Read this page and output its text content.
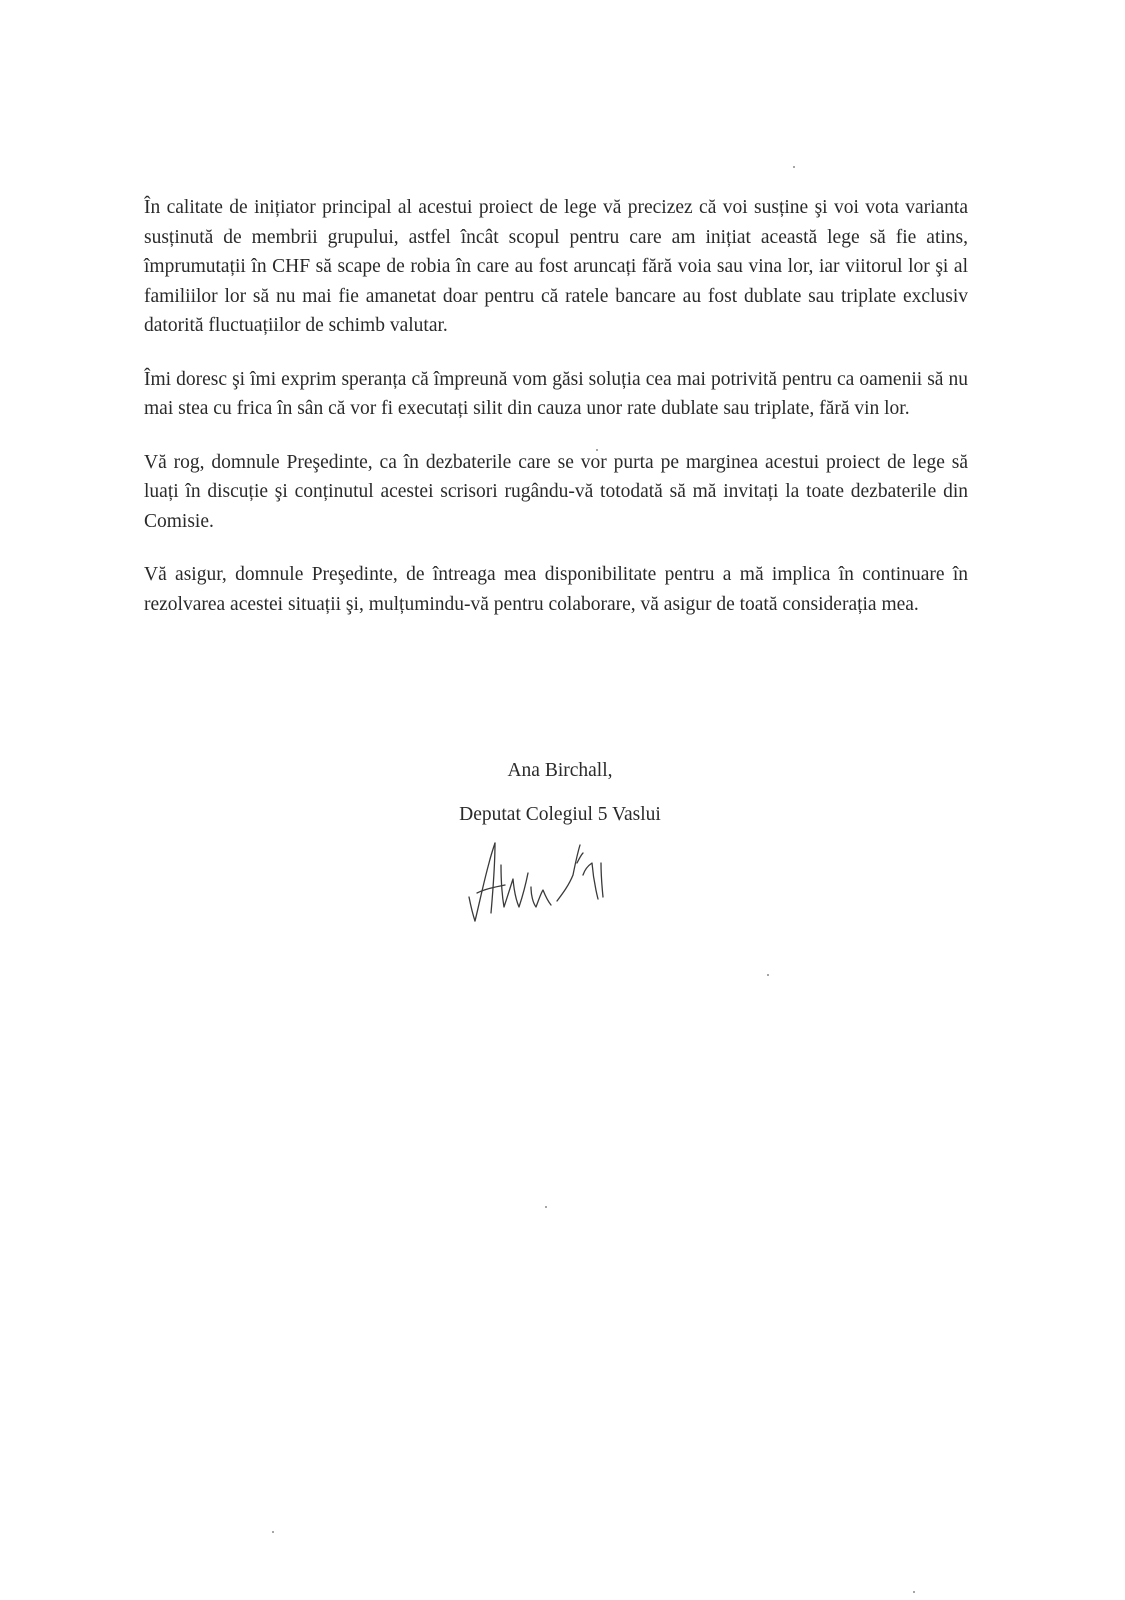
În calitate de inițiator principal al acestui proiect de lege vă precizez că voi susține şi voi vota varianta susținută de membrii grupului, astfel încât scopul pentru care am inițiat această lege să fie atins, împrumutații în CHF să scape de robia în care au fost aruncați fără voia sau vina lor, iar viitorul lor şi al familiilor lor să nu mai fie amanetat doar pentru că ratele bancare au fost dublate sau triplate exclusiv datorită fluctuațiilor de schimb valutar.

Îmi doresc şi îmi exprim speranța că împreună vom găsi soluția cea mai potrivită pentru ca oamenii să nu mai stea cu frica în sân că vor fi executați silit din cauza unor rate dublate sau triplate, fără vin lor.

Vă rog, domnule Preşedinte, ca în dezbaterile care se vor purta pe marginea acestui proiect de lege să luați în discuție şi conținutul acestei scrisori rugându-vă totodată să mă invitați la toate dezbaterile din Comisie.

Vă asigur, domnule Preşedinte, de întreaga mea disponibilitate pentru a mă implica în continuare în rezolvarea acestei situații şi, mulțumindu-vă pentru colaborare, vă asigur de toată considerația mea.

Ana Birchall,
Deputat Colegiul 5 Vaslui
